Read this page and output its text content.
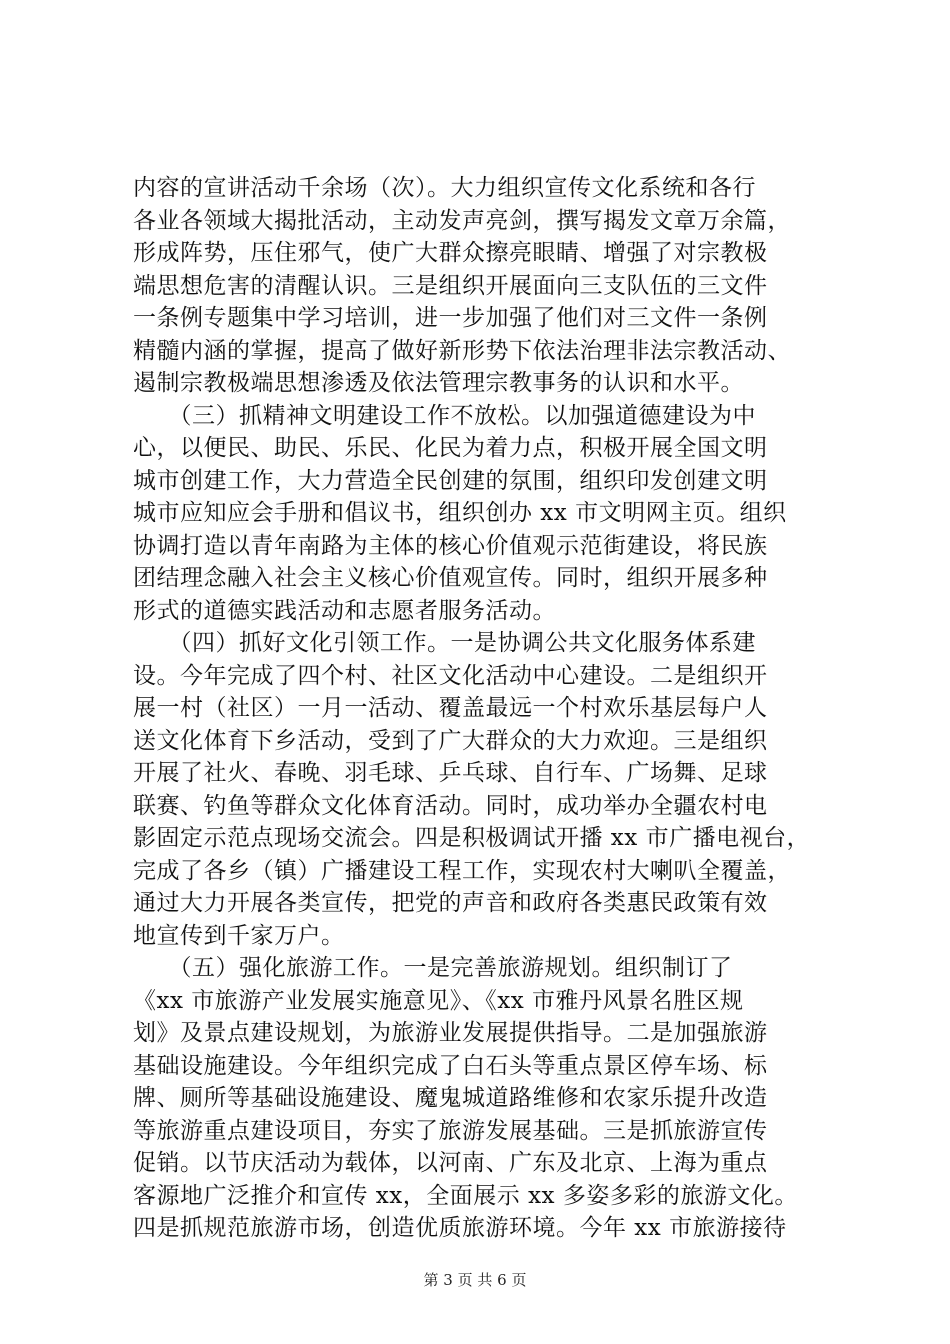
内容的宣讲活动千余场（次）。大力组织宣传文化系统和各行
各业各领域大揭批活动，主动发声亮剑，撰写揭发文章万余篇，
形成阵势，压住邪气，使广大群众擦亮眼睛、增强了对宗教极
端思想危害的清醒认识。三是组织开展面向三支队伍的三文件
一条例专题集中学习培训，进一步加强了他们对三文件一条例
精髓内涵的掌握，提高了做好新形势下依法治理非法宗教活动、
遏制宗教极端思想渗透及依法管理宗教事务的认识和水平。
　　（三）抓精神文明建设工作不放松。以加强道德建设为中
心，以便民、助民、乐民、化民为着力点，积极开展全国文明
城市创建工作，大力营造全民创建的氛围，组织印发创建文明
城市应知应会手册和倡议书，组织创办 xx 市文明网主页。组织
协调打造以青年南路为主体的核心价值观示范街建设，将民族
团结理念融入社会主义核心价值观宣传。同时，组织开展多种
形式的道德实践活动和志愿者服务活动。
　　（四）抓好文化引领工作。一是协调公共文化服务体系建
设。今年完成了四个村、社区文化活动中心建设。二是组织开
展一村（社区）一月一活动、覆盖最远一个村欢乐基层每户人
送文化体育下乡活动，受到了广大群众的大力欢迎。三是组织
开展了社火、春晚、羽毛球、乒乓球、自行车、广场舞、足球
联赛、钓鱼等群众文化体育活动。同时，成功举办全疆农村电
影固定示范点现场交流会。四是积极调试开播 xx 市广播电视台，
完成了各乡（镇）广播建设工程工作，实现农村大喇叭全覆盖，
通过大力开展各类宣传，把党的声音和政府各类惠民政策有效
地宣传到千家万户。
　　（五）强化旅游工作。一是完善旅游规划。组织制订了
《xx 市旅游产业发展实施意见》、《xx 市雅丹风景名胜区规
划》及景点建设规划，为旅游业发展提供指导。二是加强旅游
基础设施建设。今年组织完成了白石头等重点景区停车场、标
牌、厕所等基础设施建设、魔鬼城道路维修和农家乐提升改造
等旅游重点建设项目，夯实了旅游发展基础。三是抓旅游宣传
促销。以节庆活动为载体，以河南、广东及北京、上海为重点
客源地广泛推介和宣传 xx，全面展示 xx 多姿多彩的旅游文化。
四是抓规范旅游市场，创造优质旅游环境。今年 xx 市旅游接待
第 3 页 共 6 页
